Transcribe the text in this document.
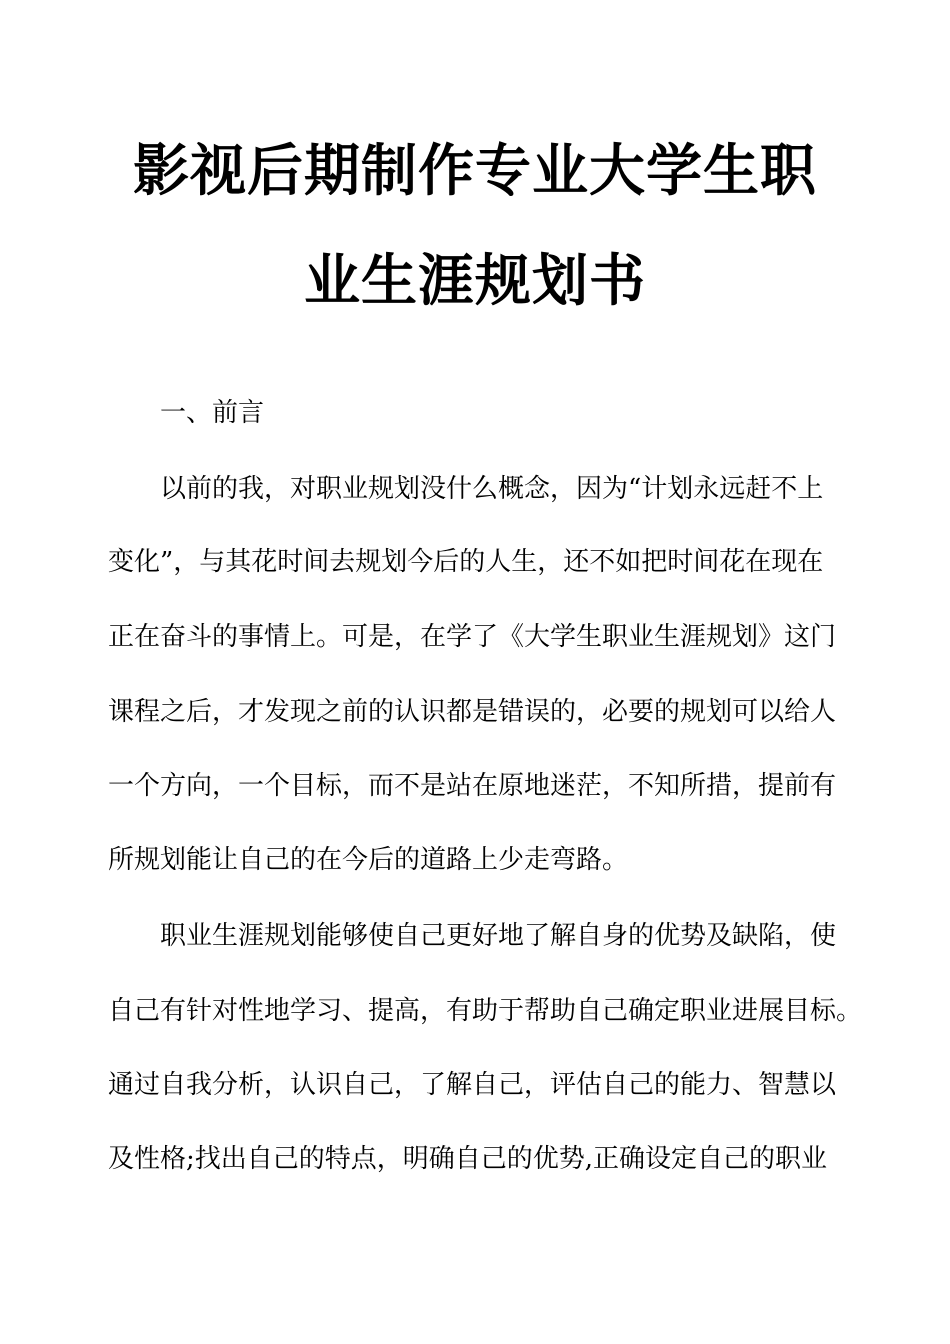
影视后期制作专业大学生职
业生涯规划书
一、前言
以前的我，对职业规划没什么概念，因为“计划永远赶不上
变化”，与其花时间去规划今后的人生，还不如把时间花在现在
正在奋斗的事情上。可是，在学了《大学生职业生涯规划》这门
课程之后，才发现之前的认识都是错误的，必要的规划可以给人
一个方向，一个目标，而不是站在原地迷茫，不知所措，提前有
所规划能让自己的在今后的道路上少走弯路。
职业生涯规划能够使自己更好地了解自身的优势及缺陷，使
自己有针对性地学习、提高，有助于帮助自己确定职业进展目标。
通过自我分析，认识自己，了解自己，评估自己的能力、智慧以
及性格;找出自己的特点，明确自己的优势,正确设定自己的职业
